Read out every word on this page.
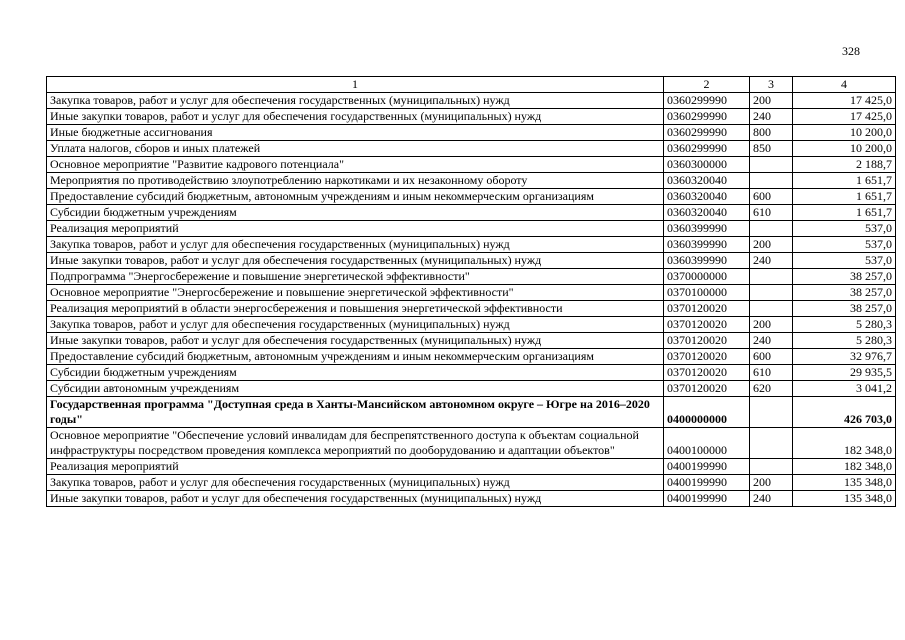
328
1	2	3	4
Закупка товаров, работ и услуг для обеспечения государственных (муниципальных) нужд	0360299990	200	17 425,0
Иные закупки товаров, работ и услуг для обеспечения государственных (муниципальных) нужд	0360299990	240	17 425,0
Иные бюджетные ассигнования	0360299990	800	10 200,0
Уплата налогов, сборов и иных платежей	0360299990	850	10 200,0
Основное мероприятие "Развитие кадрового потенциала"	0360300000		2 188,7
Мероприятия по противодействию злоупотреблению наркотиками и их незаконному обороту	0360320040		1 651,7
Предоставление субсидий бюджетным, автономным учреждениям и иным некоммерческим организациям	0360320040	600	1 651,7
Субсидии бюджетным учреждениям	0360320040	610	1 651,7
Реализация мероприятий	0360399990		537,0
Закупка товаров, работ и услуг для обеспечения государственных (муниципальных) нужд	0360399990	200	537,0
Иные закупки товаров, работ и услуг для обеспечения государственных (муниципальных) нужд	0360399990	240	537,0
Подпрограмма "Энергосбережение и повышение энергетической эффективности"	0370000000		38 257,0
Основное мероприятие "Энергосбережение и повышение энергетической эффективности"	0370100000		38 257,0
Реализация мероприятий в области энергосбережения и повышения энергетической эффективности	0370120020		38 257,0
Закупка товаров, работ и услуг для обеспечения государственных (муниципальных) нужд	0370120020	200	5 280,3
Иные закупки товаров, работ и услуг для обеспечения государственных (муниципальных) нужд	0370120020	240	5 280,3
Предоставление субсидий бюджетным, автономным учреждениям и иным некоммерческим организациям	0370120020	600	32 976,7
Субсидии бюджетным учреждениям	0370120020	610	29 935,5
Субсидии автономным учреждениям	0370120020	620	3 041,2
Государственная программа "Доступная среда в Ханты-Мансийском автономном округе – Югре на 2016–2020 годы"	0400000000		426 703,0
Основное мероприятие "Обеспечение условий инвалидам для беспрепятственного доступа к объектам социальной инфраструктуры посредством проведения комплекса мероприятий по дооборудованию и адаптации объектов"	0400100000		182 348,0
Реализация мероприятий	0400199990		182 348,0
Закупка товаров, работ и услуг для обеспечения государственных (муниципальных) нужд	0400199990	200	135 348,0
Иные закупки товаров, работ и услуг для обеспечения государственных (муниципальных) нужд	0400199990	240	135 348,0
